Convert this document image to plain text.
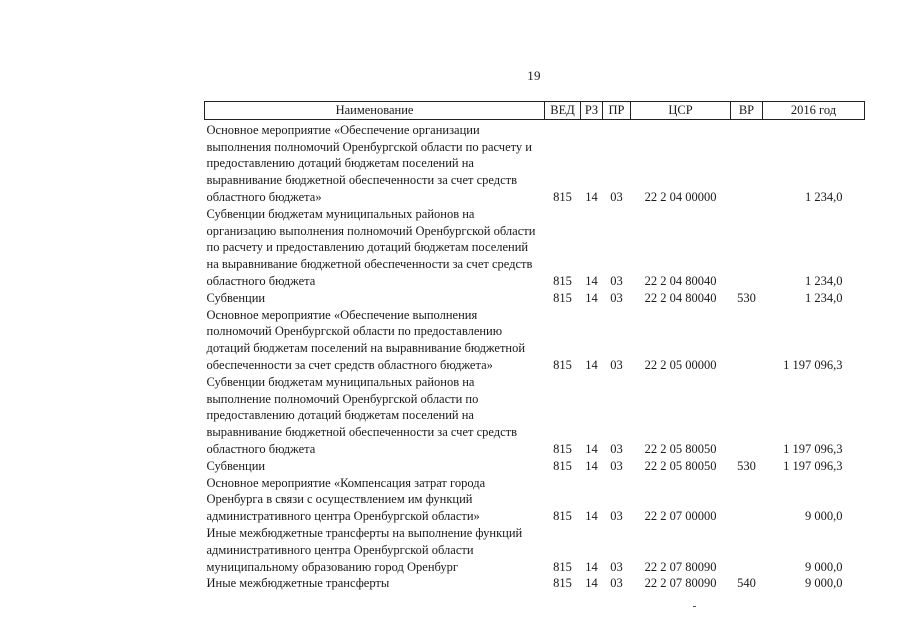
19
Наименование	ВЕД	РЗ	ПР	ЦСР	ВР	2016 год
Основное мероприятие «Обеспечение организации выполнения полномочий Оренбургской области по расчету и предоставлению дотаций бюджетам поселений на выравнивание бюджетной обеспеченности за счет средств областного бюджета»	815	14	03	22 2 04 00000		1 234,0
Субвенции бюджетам муниципальных районов на организацию выполнения полномочий Оренбургской области по расчету и предоставлению дотаций бюджетам поселений на выравнивание бюджетной обеспеченности за счет средств областного бюджета	815	14	03	22 2 04 80040		1 234,0
Субвенции	815	14	03	22 2 04 80040	530	1 234,0
Основное мероприятие «Обеспечение выполнения полномочий Оренбургской области по предоставлению дотаций бюджетам поселений на выравнивание бюджетной обеспеченности за счет средств областного бюджета»	815	14	03	22 2 05 00000		1 197 096,3
Субвенции бюджетам муниципальных районов на выполнение полномочий Оренбургской области по предоставлению дотаций бюджетам поселений на выравнивание бюджетной обеспеченности за счет средств областного бюджета	815	14	03	22 2 05 80050		1 197 096,3
Субвенции	815	14	03	22 2 05 80050	530	1 197 096,3
Основное мероприятие «Компенсация затрат города Оренбурга в связи с осуществлением им функций административного центра Оренбургской области»	815	14	03	22 2 07 00000		9 000,0
Иные межбюджетные трансферты на выполнение функций административного центра Оренбургской области муниципальному образованию город Оренбург	815	14	03	22 2 07 80090		9 000,0
Иные межбюджетные трансферты	815	14	03	22 2 07 80090	540	9 000,0
